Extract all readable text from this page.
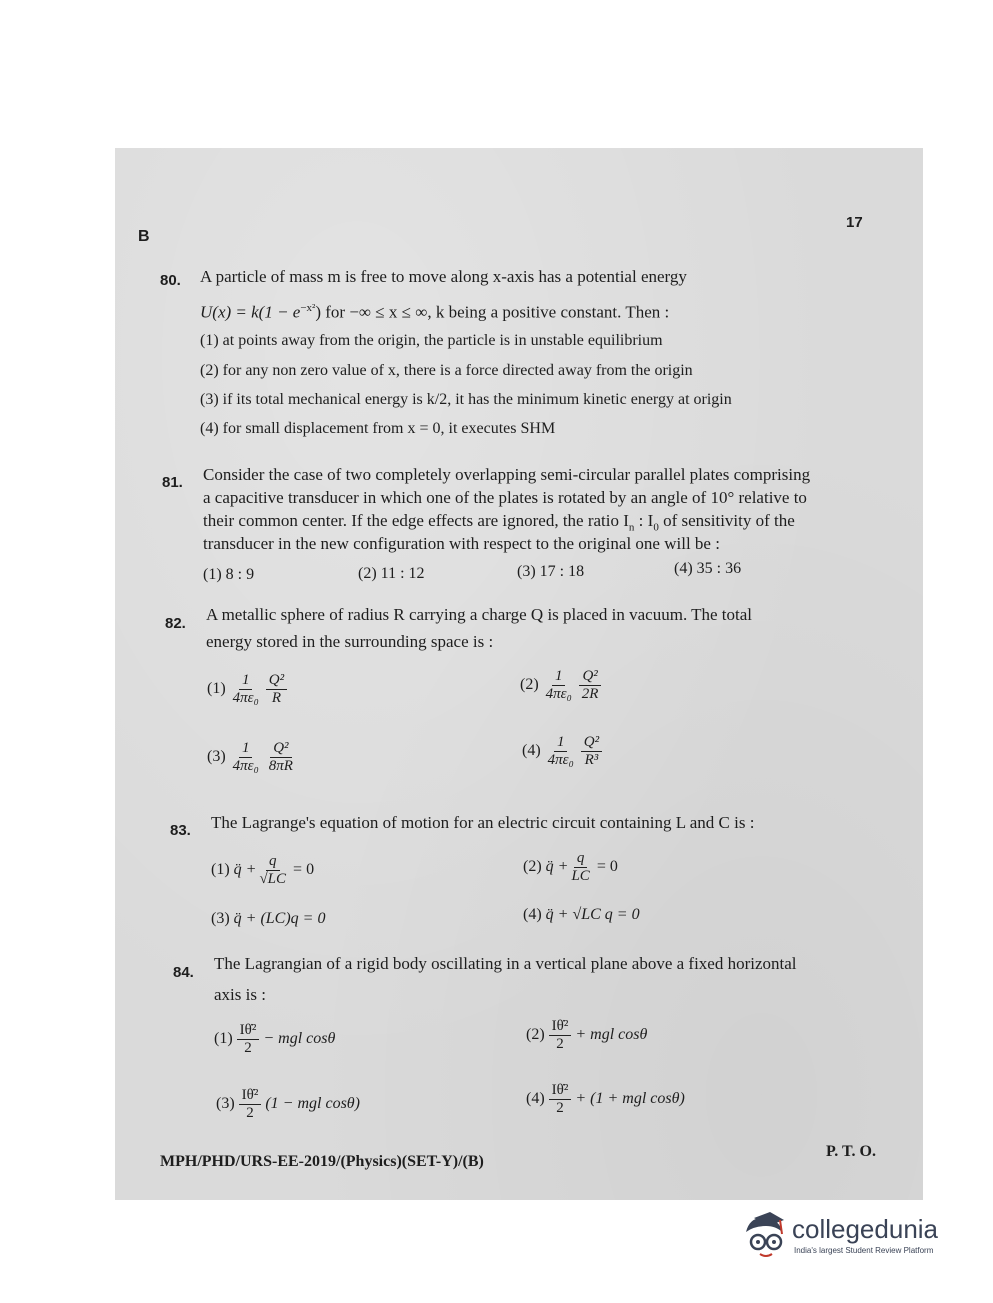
B
17
80. A particle of mass m is free to move along x-axis has a potential energy
$U(x) = k(1 - e^{-x^2})$ for −∞ ≤ x ≤ ∞, k being a positive constant. Then :
(1) at points away from the origin, the particle is in unstable equilibrium
(2) for any non zero value of x, there is a force directed away from the origin
(3) if its total mechanical energy is k/2, it has the minimum kinetic energy at origin
(4) for small displacement from x = 0, it executes SHM
81. Consider the case of two completely overlapping semi-circular parallel plates comprising
a capacitive transducer in which one of the plates is rotated by an angle of 10° relative to
their common center. If the edge effects are ignored, the ratio $I_n$ : $I_0$ of sensitivity of the
transducer in the new configuration with respect to the original one will be :
(1) 8 : 9	(2) 11 : 12	(3) 17 : 18	(4) 35 : 36
82. A metallic sphere of radius R carrying a charge Q is placed in vacuum. The total
energy stored in the surrounding space is :
$(1) \frac{1}{\text{4πε₀}}$
$\frac{\text{Q²}}{R}$	$(2) \frac{1}{\text{4πε₀}}$
$\frac{\text{Q²}}{2R}$
$(3) \frac{1}{\text{4πε₀}}$
$\frac{\text{Q²}}{8\pi R}$	$(4) \frac{1}{\text{4πε₀}}$
$\frac{\text{Q²}}{\text{R³}}$
83. The Lagrange's equation of motion for an electric circuit containing L and C is :
(1) q̈ + $\frac{q}{√LC} = 0$	(2) q̈ + $\frac{q}{LC} = 0$
(3) q̈ + (LC)q = 0	(4) q̈ + √LC q = 0
84. The Lagrangian of a rigid body oscillating in a vertical plane above a fixed horizontal
axis is :
$(1) \frac{\text{Iθ̇²}}{2}$ − mgl cosθ	$(2) \frac{\text{Iθ̇²}}{2}$ + mgl cosθ
$(3) \frac{\text{Iθ̇²}}{2} (1$ − mgl cosθ)	$(4) \frac{\text{Iθ̇²}}{2} + (1$ + mgl cosθ)
MPH/PHD/URS-EE-2019/(Physics)(SET-Y)/(B)
P. T. O.
collegedunia
India's largest Student Review Platform
